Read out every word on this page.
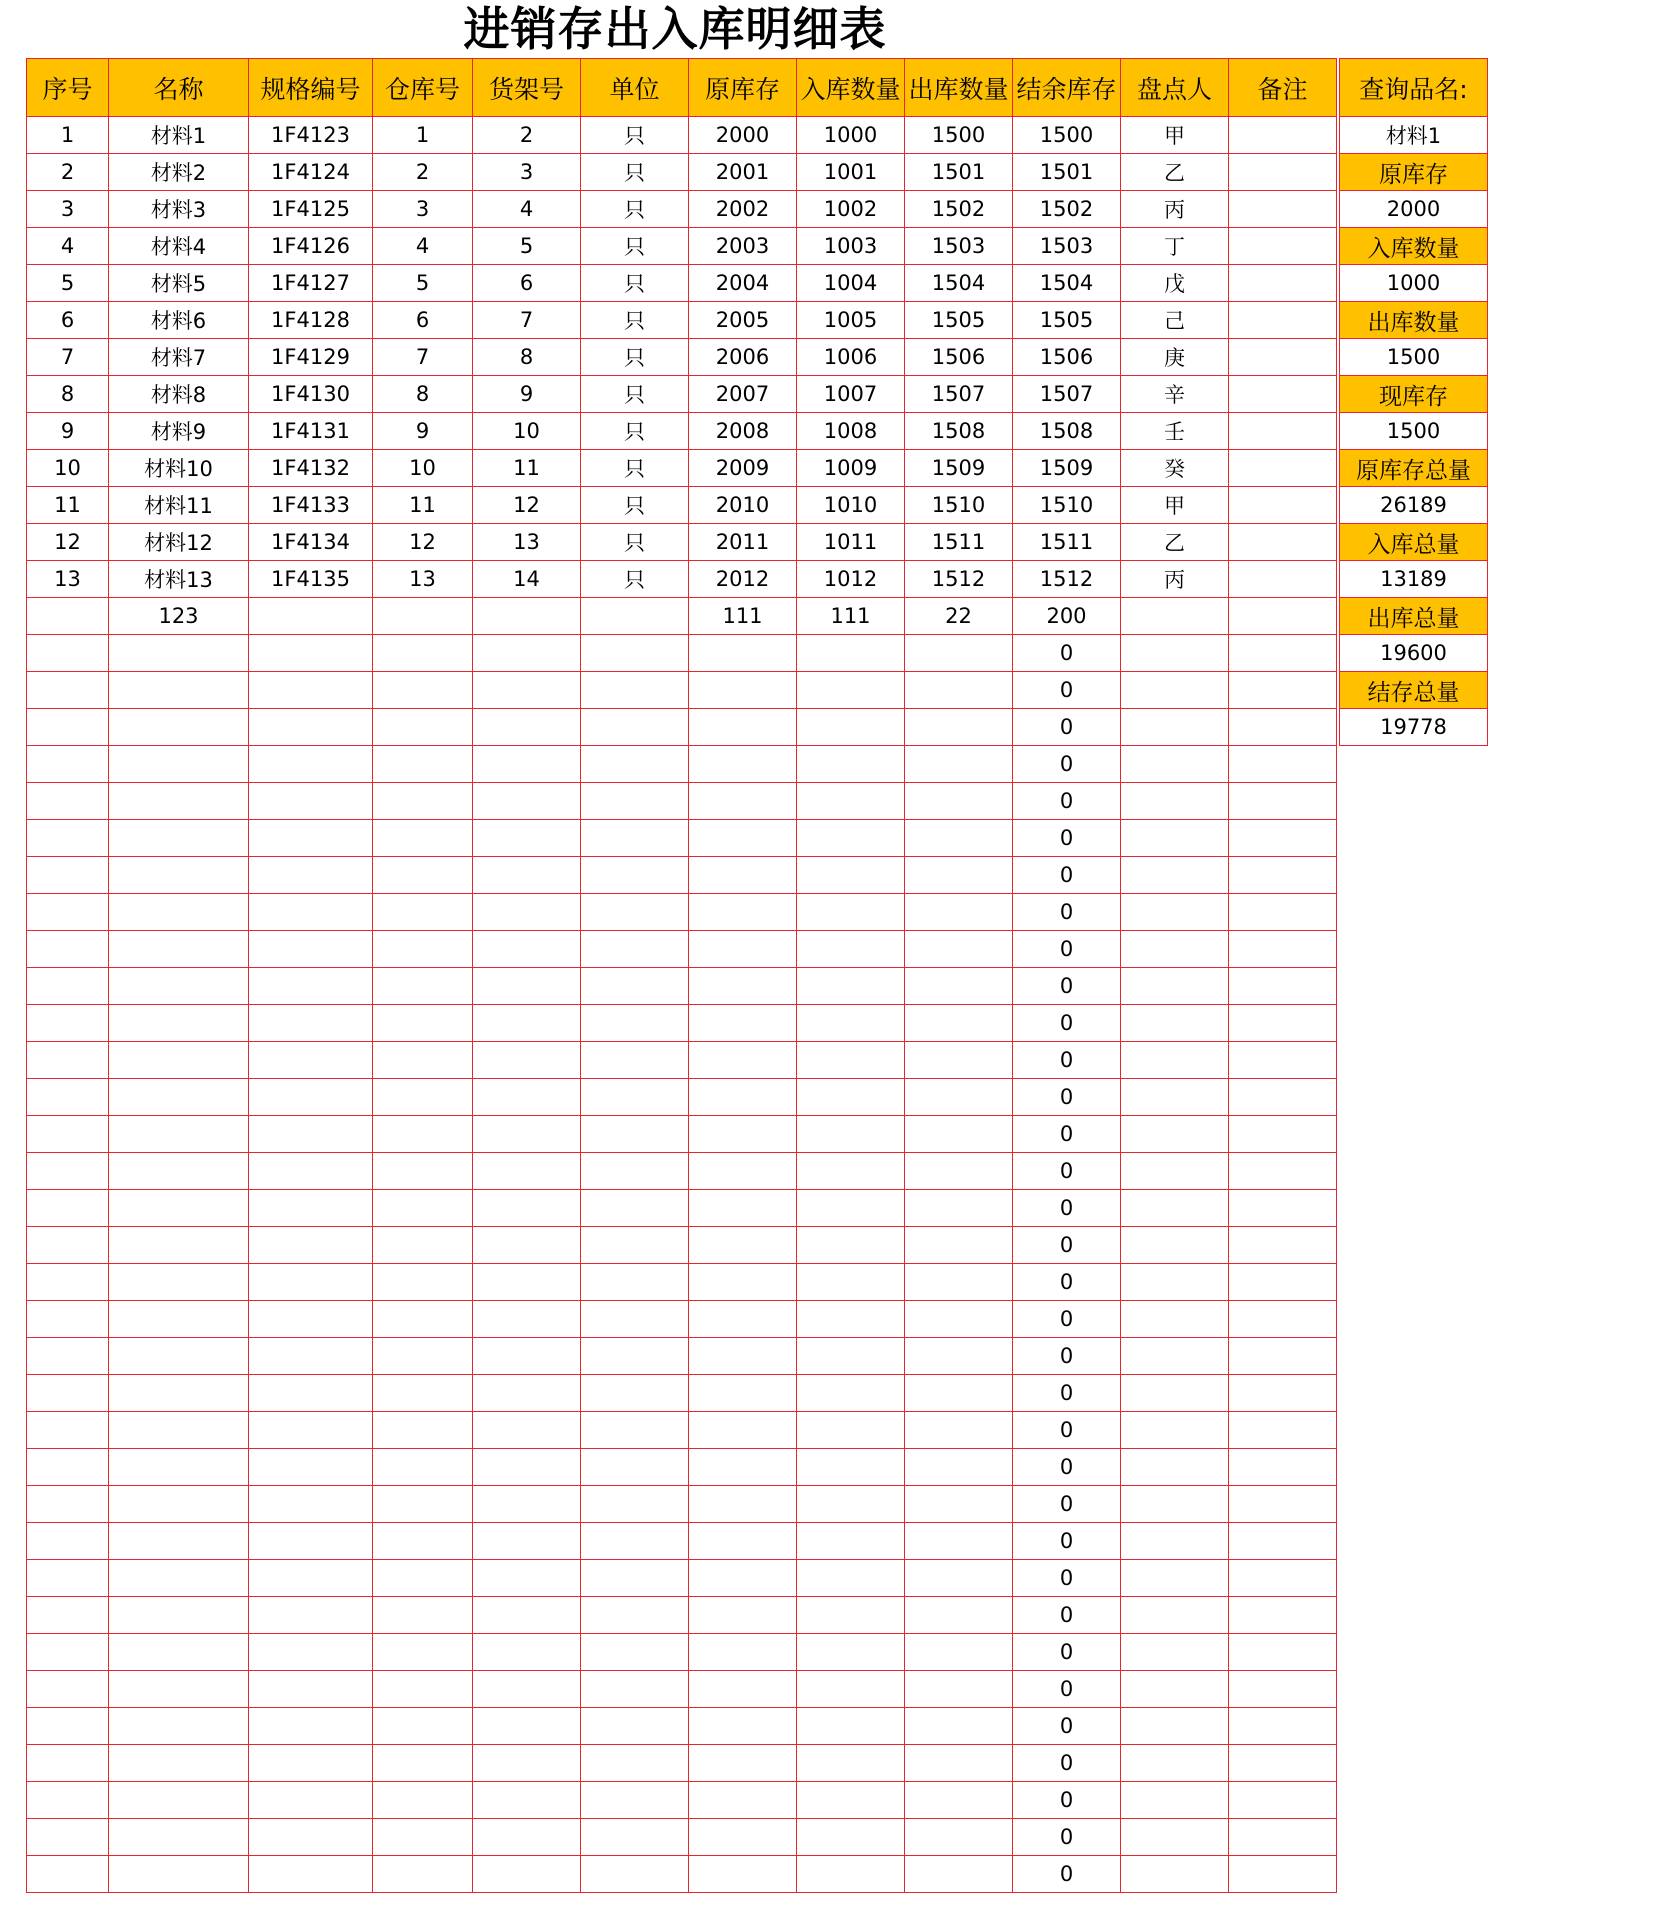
进销存出入库明细表
序号	名称	规格编号	仓库号	货架号	单位	原库存	入库数量	出库数量	结余库存	盘点人	备注
1	材料1	1F4123	1	2	只	2000	1000	1500	1500	甲	
2	材料2	1F4124	2	3	只	2001	1001	1501	1501	乙	
3	材料3	1F4125	3	4	只	2002	1002	1502	1502	丙	
4	材料4	1F4126	4	5	只	2003	1003	1503	1503	丁	
5	材料5	1F4127	5	6	只	2004	1004	1504	1504	戊	
6	材料6	1F4128	6	7	只	2005	1005	1505	1505	己	
7	材料7	1F4129	7	8	只	2006	1006	1506	1506	庚	
8	材料8	1F4130	8	9	只	2007	1007	1507	1507	辛	
9	材料9	1F4131	9	10	只	2008	1008	1508	1508	壬	
10	材料10	1F4132	10	11	只	2009	1009	1509	1509	癸	
11	材料11	1F4133	11	12	只	2010	1010	1510	1510	甲	
12	材料12	1F4134	12	13	只	2011	1011	1511	1511	乙	
13	材料13	1F4135	13	14	只	2012	1012	1512	1512	丙	
	123					111	111	22	200		
									0		
									0		
									0		
									0		
									0		
									0		
									0		
									0		
									0		
									0		
									0		
									0		
									0		
									0		
									0		
									0		
									0		
									0		
									0		
									0		
									0		
									0		
									0		
									0		
									0		
									0		
									0		
									0		
									0		
									0		
									0		
									0		
									0		
									0		
查询品名:
材料1
原库存
2000
入库数量
1000
出库数量
1500
现库存
1500
原库存总量
26189
入库总量
13189
出库总量
19600
结存总量
19778
